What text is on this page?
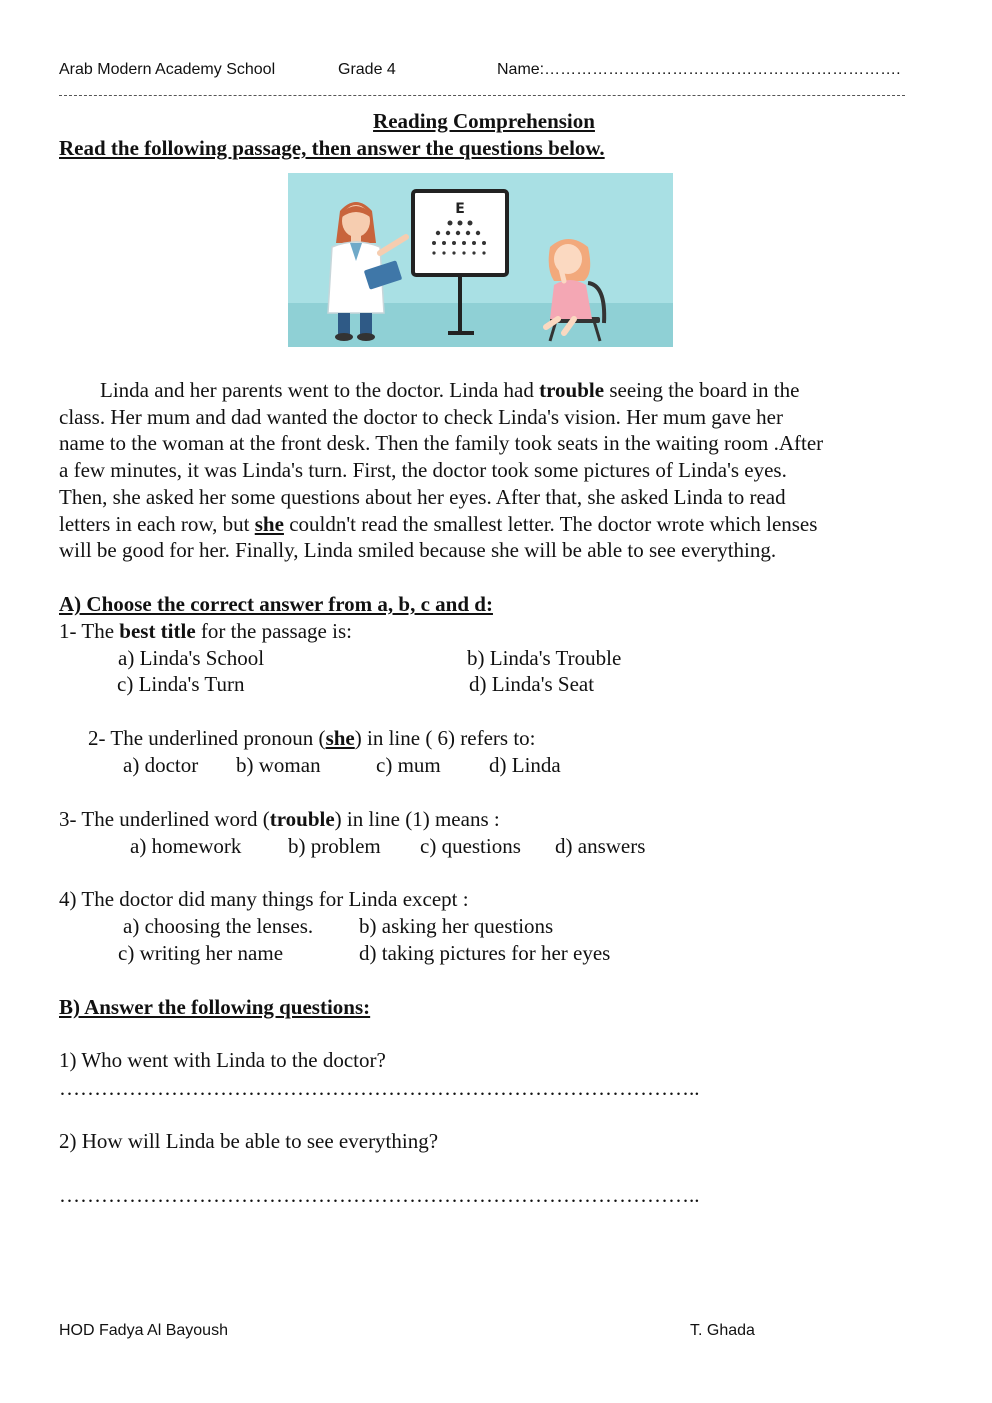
Arab Modern Academy School	Grade 4	Name:………………………………………………………….
Reading Comprehension
Read the following passage, then answer the questions below.
E
Linda and her parents went to the doctor. Linda had trouble seeing the board in the
class. Her mum and dad wanted the doctor to check Linda's vision. Her mum gave her
name to the woman at the front desk. Then the family took seats in the waiting room .After
a few minutes, it was Linda's turn. First, the doctor took some pictures of Linda's eyes.
Then, she asked her some questions about her eyes. After that, she asked Linda to read
letters in each row, but she couldn't read the smallest letter. The doctor wrote which lenses
will be good for her. Finally, Linda smiled because she will be able to see everything.
A) Choose the correct answer from a, b, c and d:
1- The best title for the passage is:
a) Linda's School	b) Linda's Trouble
c) Linda's Turn	d) Linda's Seat
2- The underlined pronoun (she) in line ( 6) refers to:
a) doctor b) woman	c) mum d) Linda
3- The underlined word (trouble) in line (1) means :
a) homework b) problem c) questions d) answers
4) The doctor did many things for Linda except :
a) choosing the lenses. b) asking her questions
c) writing her name	d) taking pictures for her eyes
B) Answer the following questions:
1) Who went with Linda to the doctor?
………………………………………………………………………………..
2) How will Linda be able to see everything?
………………………………………………………………………………..
HOD Fadya Al Bayoush	T. Ghada
